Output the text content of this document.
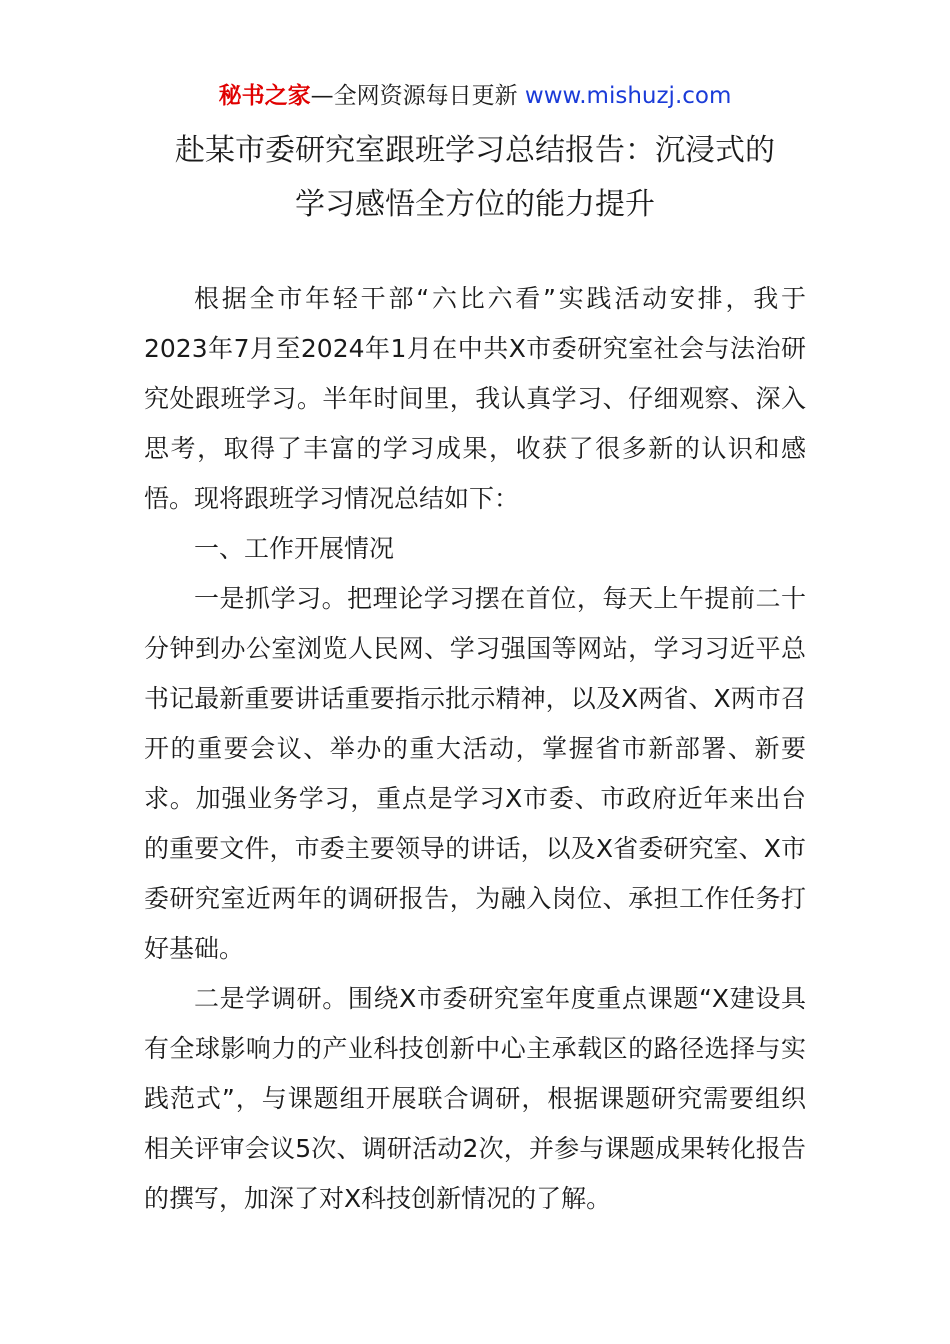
秘书之家—全网资源每日更新 www.mishuzj.com
赴某市委研究室跟班学习总结报告：沉浸式的
学习感悟全方位的能力提升

根据全市年轻干部“六比六看”实践活动安排，我于2023年7月至2024年1月在中共X市委研究室社会与法治研究处跟班学习。半年时间里，我认真学习、仔细观察、深入思考，取得了丰富的学习成果，收获了很多新的认识和感悟。现将跟班学习情况总结如下：

一、工作开展情况

一是抓学习。把理论学习摆在首位，每天上午提前二十分钟到办公室浏览人民网、学习强国等网站，学习习近平总书记最新重要讲话重要指示批示精神，以及X两省、X两市召开的重要会议、举办的重大活动，掌握省市新部署、新要求。加强业务学习，重点是学习X市委、市政府近年来出台的重要文件，市委主要领导的讲话，以及X省委研究室、X市委研究室近两年的调研报告，为融入岗位、承担工作任务打好基础。

二是学调研。围绕X市委研究室年度重点课题“X建设具有全球影响力的产业科技创新中心主承载区的路径选择与实践范式”，与课题组开展联合调研，根据课题研究需要组织相关评审会议5次、调研活动2次，并参与课题成果转化报告的撰写，加深了对X科技创新情况的了解。
